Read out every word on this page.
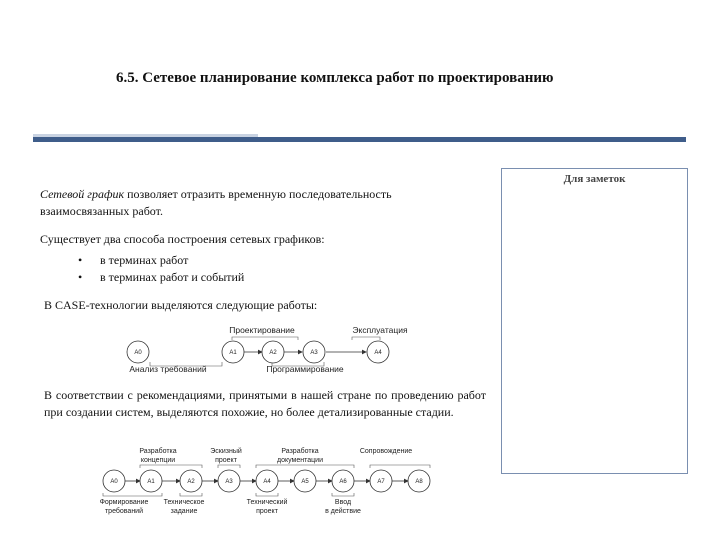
6.5. Сетевое планирование комплекса работ по проектированию
Для заметок
Сетевой график позволяет отразить временную последовательность взаимосвязанных работ.
Существует два способа построения сетевых графиков:
• в терминах работ
• в терминах работ и событий
В CASE-технологии выделяются следующие работы:
А0	А1	А2	А3	А4
Проектирование	Эксплуатация
Анализ требований	Программирование
В соответствии с рекомендациями, принятыми в нашей стране по проведению работ при создании систем, выделяются похожие, но более детализированные стадии.
А0	А1	А2	А3	А4	А5	А6	А7	А8
Разработка
концепции
Эскизный
проект
Разработка
документации
Сопровождение
Формирование
требований
Техническое
задание
Технический
проект
Ввод
в действие
